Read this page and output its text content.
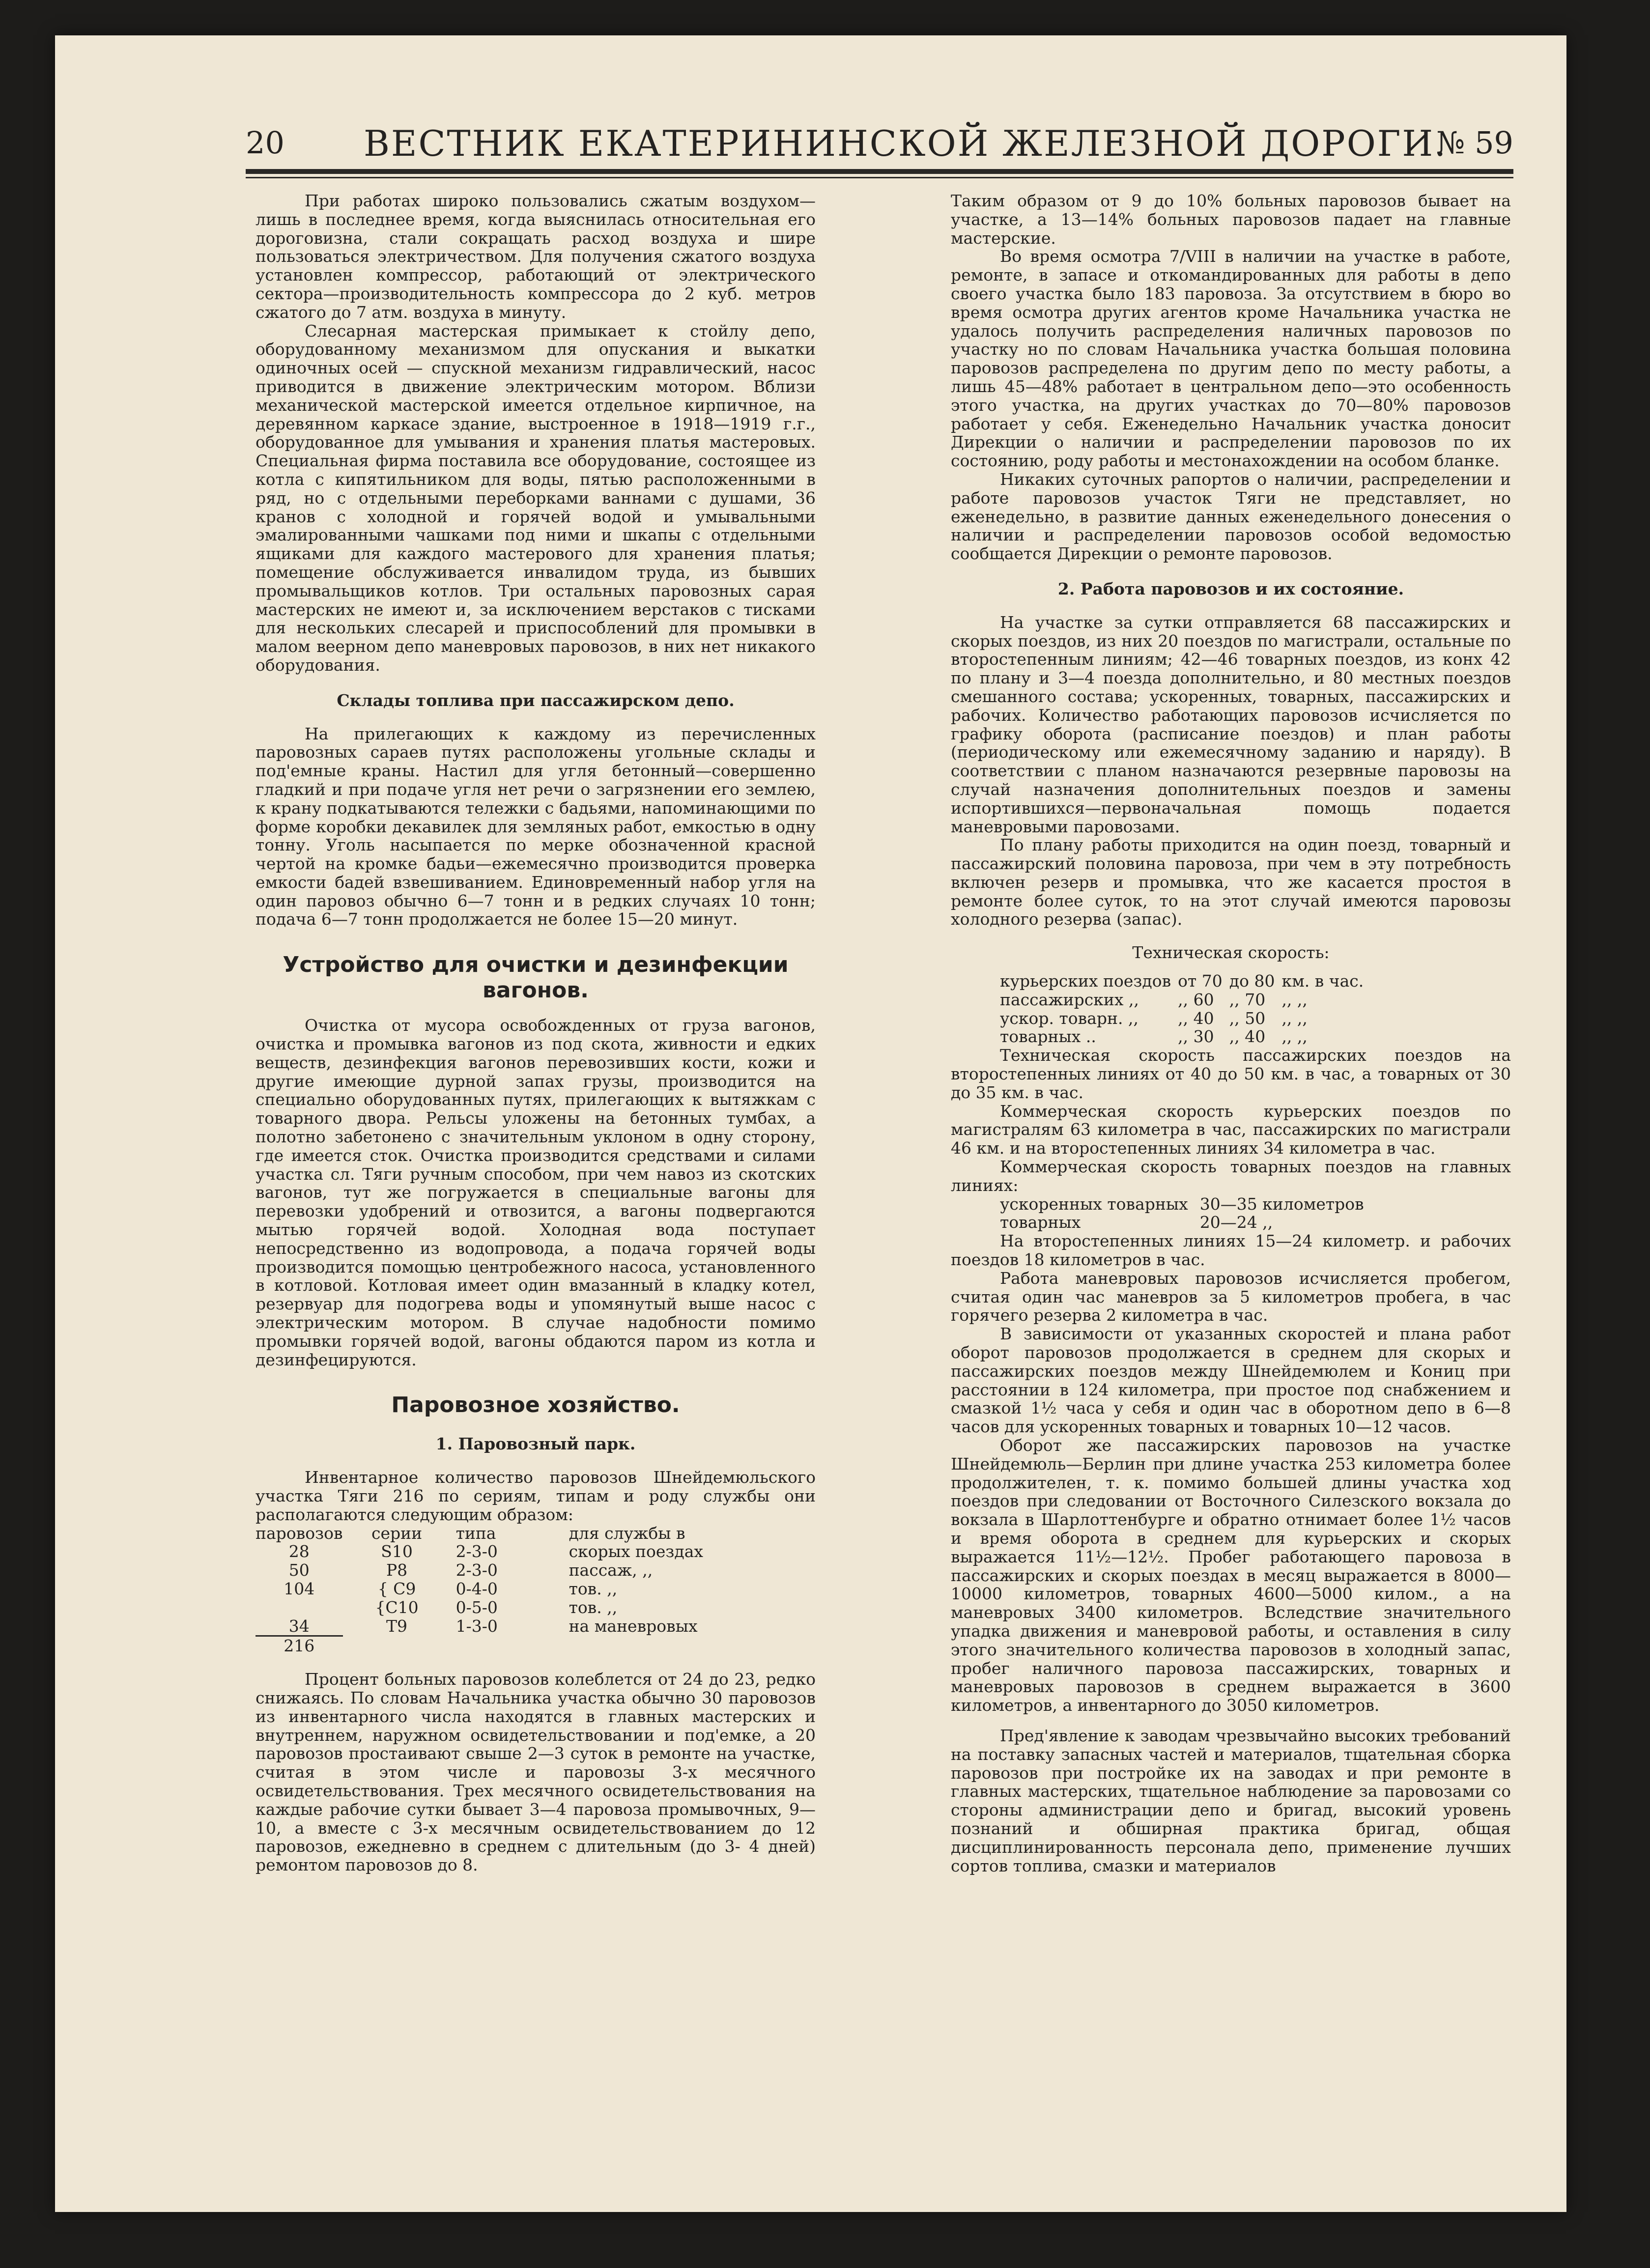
20 ВЕСТНИК ЕКАТЕРИНИНСКОЙ ЖЕЛЕЗНОЙ ДОРОГИ.
№ 59

При работах широко пользовались сжатым воздухом—лишь в последнее время, когда выяснилась относительная его дороговизна, стали сокращать расход воздуха и шире пользоваться электричеством. Для получения сжатого воздуха установлен компрессор, работающий от электрического сектора—производительность компрессора до 2 куб. метров сжатого до 7 атм. воздуха в минуту.

Слесарная мастерская примыкает к стойлу депо, оборудованному механизмом для опускания и выкатки одиночных осей — спускной механизм гидравлический, насос приводится в движение электрическим мотором. Вблизи механической мастерской имеется отдельное кирпичное, на деревянном каркасе здание, выстроенное в 1918—1919 г.г., оборудованное для умывания и хранения платья мастеровых. Специальная фирма поставила все оборудование, состоящее из котла с кипятильником для воды, пятью расположенными в ряд, но с отдельными переборками ваннами с душами, 36 кранов с холодной и горячей водой и умывальными эмалированными чашками под ними и шкапы с отдельными ящиками для каждого мастерового для хранения платья; помещение обслуживается инвалидом труда, из бывших промывальщиков котлов. Три остальных паровозных сарая мастерских не имеют и, за исключением верстаков с тисками для нескольких слесарей и приспособлений для промывки в малом веерном депо маневровых паровозов, в них нет никакого оборудования.

Склады топлива при пассажирском депо.

На прилегающих к каждому из перечисленных паровозных сараев путях расположены угольные склады и под'емные краны. Настил для угля бетонный—совершенно гладкий и при подаче угля нет речи о загрязнении его землею, к крану подкатываются тележки с бадьями, напоминающими по форме коробки декавилек для земляных работ, емкостью в одну тонну. Уголь насыпается по мерке обозначенной красной чертой на кромке бадьи—ежемесячно производится проверка емкости бадей взвешиванием. Единовременный набор угля на один паровоз обычно 6—7 тонн и в редких случаях 10 тонн; подача 6—7 тонн продолжается не более 15—20 минут.

Устройство для очистки и дезинфекции вагонов.

Очистка от мусора освобожденных от груза вагонов, очистка и промывка вагонов из под скота, живности и едких веществ, дезинфекция вагонов перевозивших кости, кожи и другие имеющие дурной запах грузы, производится на специально оборудованных путях, прилегающих к вытяжкам с товарного двора. Рельсы уложены на бетонных тумбах, а полотно забетонено с значительным уклоном в одну сторону, где имеется сток. Очистка производится средствами и силами участка сл. Тяги ручным способом, при чем навоз из скотских вагонов, тут же погружается в специальные вагоны для перевозки удобрений и отвозится, а вагоны подвергаются мытью горячей водой. Холодная вода поступает непосредственно из водопровода, а подача горячей воды производится помощью центробежного насоса, установленного в котловой. Котловая имеет один вмазанный в кладку котел, резервуар для подогрева воды и упомянутый выше насос с электрическим мотором. В случае надобности помимо промывки горячей водой, вагоны обдаются паром из котла и дезинфецируются.

Паровозное хозяйство.
1. Паровозный парк.

Инвентарное количество паровозов Шнейдемюльского участка Тяги 216 по сериям, типам и роду службы они располагаются следующим образом:

паровозов	серии	типа	для службы в
28	S10	2-3-0	скорых поездах
50	P8	2-3-0	пассаж, ,,
104	{ C9	0-4-0	тов. ,,
	{C10	0-5-0	тов. ,,
34	T9	1-3-0	на маневровых
216			

Процент больных паровозов колеблется от 24 до 23, редко снижаясь. По словам Начальника участка обычно 30 паровозов из инвентарного числа находятся в главных мастерских и внутреннем, наружном освидетельствовании и под'емке, а 20 паровозов простаивают свыше 2—3 суток в ремонте на участке, считая в этом числе и паровозы 3-х месячного освидетельствования. Трех месячного освидетельствования на каждые рабочие сутки бывает 3—4 паровоза промывочных, 9—10, а вместе с 3-х месячным освидетельствованием до 12 паровозов, ежедневно в среднем с длительным (до 3- 4 дней) ремонтом паровозов до 8.

Таким образом от 9 до 10% больных паровозов бывает на участке, а 13—14% больных паровозов падает на главные мастерские.

Во время осмотра 7/VIII в наличии на участке в работе, ремонте, в запасе и откомандированных для работы в депо своего участка было 183 паровоза. За отсутствием в бюро во время осмотра других агентов кроме Начальника участка не удалось получить распределения наличных паровозов по участку но по словам Начальника участка большая половина паровозов распределена по другим депо по месту работы, а лишь 45—48% работает в центральном депо—это особенность этого участка, на других участках до 70—80% паровозов работает у себя. Еженедельно Начальник участка доносит Дирекции о наличии и распределении паровозов по их состоянию, роду работы и местонахождении на особом бланке.

Никаких суточных рапортов о наличии, распределении и работе паровозов участок Тяги не представляет, но еженедельно, в развитие данных еженедельного донесения о наличии и распределении паровозов особой ведомостью сообщается Дирекции о ремонте паровозов.

2. Работа паровозов и их состояние.

На участке за сутки отправляется 68 пассажирских и скорых поездов, из них 20 поездов по магистрали, остальные по второстепенным линиям; 42—46 товарных поездов, из конх 42 по плану и 3—4 поезда дополнительно, и 80 местных поездов смешанного состава; ускоренных, товарных, пассажирских и рабочих. Количество работающих паровозов исчисляется по графику оборота (расписание поездов) и план работы (периодическому или ежемесячному заданию и наряду). В соответствии с планом назначаются резервные паровозы на случай назначения дополнительных поездов и замены испортившихся—первоначальная помощь подается маневровыми паровозами.

По плану работы приходится на один поезд, товарный и пассажирский половина паровоза, при чем в эту потребность включен резерв и промывка, что же касается простоя в ремонте более суток, то на этот случай имеются паровозы холодного резерва (запас).

Техническая скорость:
курьерских поездов	от 70	до 80	км. в час.
пассажирских ,,	,, 60	,, 70	,, ,,
ускор. товарн. ,,	,, 40	,, 50	,, ,,
товарных ..	,, 30	,, 40	,, ,,

Техническая скорость пассажирских поездов на второстепенных линиях от 40 до 50 км. в час, а товарных от 30 до 35 км. в час.

Коммерческая скорость курьерских поездов по магистралям 63 километра в час, пассажирских по магистрали 46 км. и на второстепенных линиях 34 километра в час.

Коммерческая скорость товарных поездов на главных линиях:

ускоренных товарных	30—35 километров
товарных	20—24 ,,

На второстепенных линиях 15—24 километр. и рабочих поездов 18 километров в час.

Работа маневровых паровозов исчисляется пробегом, считая один час маневров за 5 километров пробега, в час горячего резерва 2 километра в час.

В зависимости от указанных скоростей и плана работ оборот паровозов продолжается в среднем для скорых и пассажирских поездов между Шнейдемюлем и Кониц при расстоянии в 124 километра, при простое под снабжением и смазкой 1½ часа у себя и один час в оборотном депо в 6—8 часов для ускоренных товарных и товарных 10—12 часов.

Оборот же пассажирских паровозов на участке Шнейдемюль—Берлин при длине участка 253 километра более продолжителен, т. к. помимо большей длины участка ход поездов при следовании от Восточного Силезского вокзала до вокзала в Шарлоттенбурге и обратно отнимает более 1½ часов и время оборота в среднем для курьерских и скорых выражается 11½—12½. Пробег работающего паровоза в пассажирских и скорых поездах в месяц выражается в 8000—10000 километров, товарных 4600—5000 килом., а на маневровых 3400 километров. Вследствие значительного упадка движения и маневровой работы, и оставления в силу этого значительного количества паровозов в холодный запас, пробег наличного паровоза пассажирских, товарных и маневровых паровозов в среднем выражается в 3600 километров, а инвентарного до 3050 километров.

Пред'явление к заводам чрезвычайно высоких требований на поставку запасных частей и материалов, тщательная сборка паровозов при постройке их на заводах и при ремонте в главных мастерских, тщательное наблюдение за паровозами со стороны администрации депо и бригад, высокий уровень познаний и обширная практика бригад, общая дисциплинированность персонала депо, применение лучших сортов топлива, смазки и материалов
